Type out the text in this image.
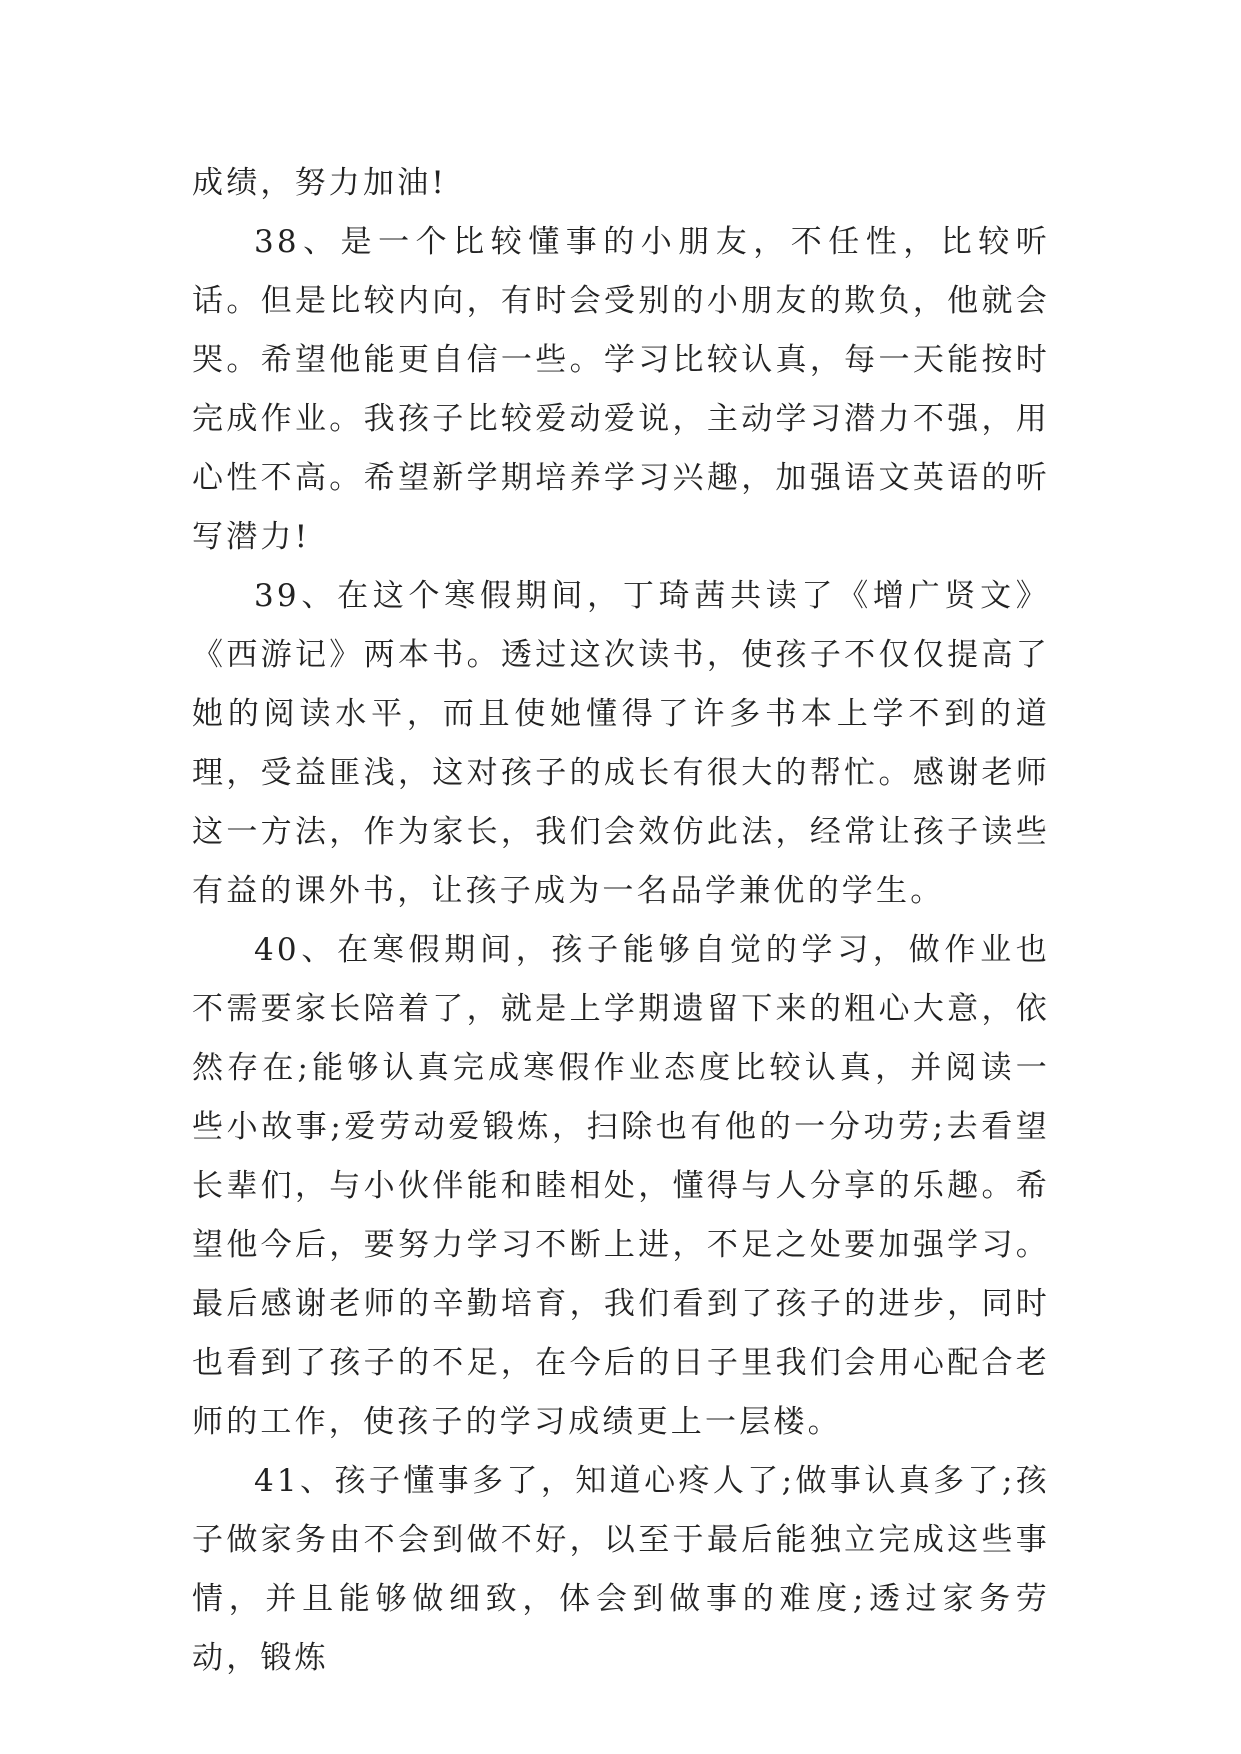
成绩，努力加油!

38、是一个比较懂事的小朋友，不任性，比较听话。但是比较内向，有时会受别的小朋友的欺负，他就会哭。希望他能更自信一些。学习比较认真，每一天能按时完成作业。我孩子比较爱动爱说，主动学习潜力不强，用心性不高。希望新学期培养学习兴趣，加强语文英语的听写潜力!

39、在这个寒假期间，丁琦茜共读了《增广贤文》《西游记》两本书。透过这次读书，使孩子不仅仅提高了她的阅读水平，而且使她懂得了许多书本上学不到的道理，受益匪浅，这对孩子的成长有很大的帮忙。感谢老师这一方法，作为家长，我们会效仿此法，经常让孩子读些有益的课外书，让孩子成为一名品学兼优的学生。

40、在寒假期间，孩子能够自觉的学习，做作业也不需要家长陪着了，就是上学期遗留下来的粗心大意，依然存在;能够认真完成寒假作业态度比较认真，并阅读一些小故事;爱劳动爱锻炼，扫除也有他的一分功劳;去看望长辈们，与小伙伴能和睦相处，懂得与人分享的乐趣。希望他今后，要努力学习不断上进，不足之处要加强学习。最后感谢老师的辛勤培育，我们看到了孩子的进步，同时也看到了孩子的不足，在今后的日子里我们会用心配合老师的工作，使孩子的学习成绩更上一层楼。

41、孩子懂事多了，知道心疼人了;做事认真多了;孩子做家务由不会到做不好，以至于最后能独立完成这些事情，并且能够做细致，体会到做事的难度;透过家务劳动，锻炼
